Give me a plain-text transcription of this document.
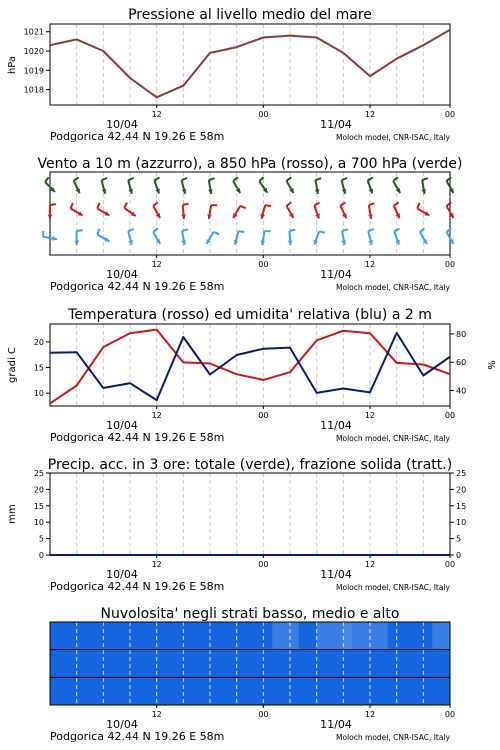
Pressione al livello medio del mare
Vento a 10 m (azzurro), a 850 hPa (rosso), a 700 hPa (verde)
Temperatura (rosso) ed umidita' relativa (blu) a 2 m
Precip. acc. in 3 ore: totale (verde), frazione solida (tratt.)
Nuvolosita' negli strati basso, medio e alto
hPa
gradi C	%
mm
1018
1019
1020
1021
12	00	12	00
10/04	11/04
Podgorica 42.44 N 19.26 E 58m	Moloch model, CNR-ISAC, Italy
12	00	12	00
10/04	11/04
Podgorica 42.44 N 19.26 E 58m	Moloch model, CNR-ISAC, Italy
10
15
20
40
60
80
12	00	12	00
10/04	11/04
Podgorica 42.44 N 19.26 E 58m	Moloch model, CNR-ISAC, Italy
0
5
10
15
20
25
0
5
10
15
20
25
12	00	12	00
10/04	11/04
Podgorica 42.44 N 19.26 E 58m	Moloch model, CNR-ISAC, Italy
12	00	12	00
10/04	11/04
Podgorica 42.44 N 19.26 E 58m	Moloch model, CNR-ISAC, Italy
